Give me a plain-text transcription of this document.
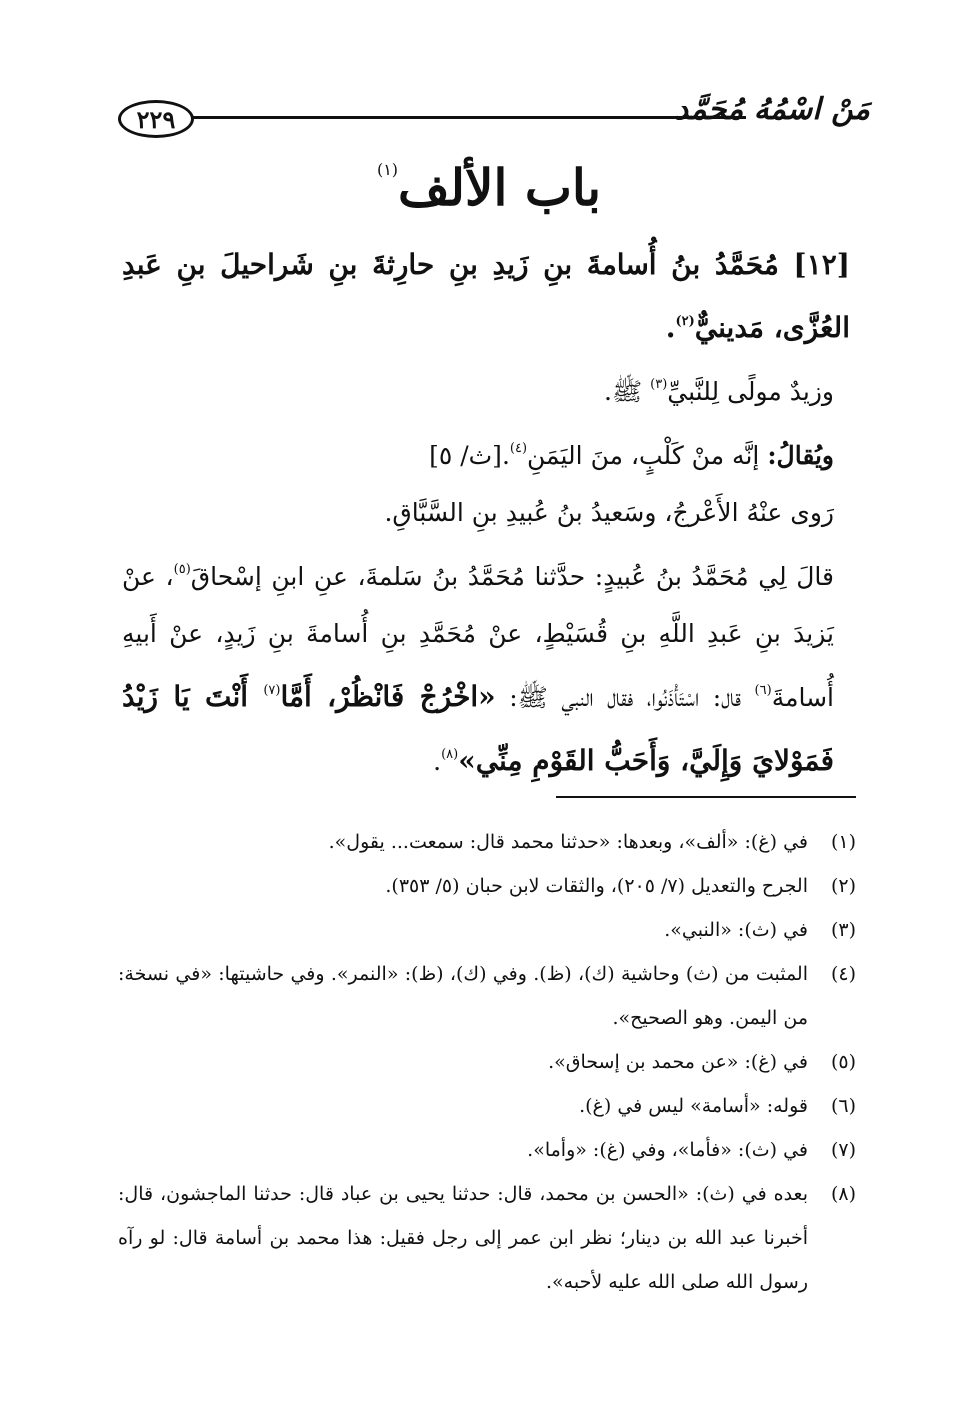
٢٢٩	مَنْ اسْمُهُ مُحَمَّد
باب الألف$^{(١)}$

[١٢] مُحَمَّدُ بنُ أُسامةَ بنِ زَيدِ بنِ حارِثةَ بنِ شَراحيلَ بنِ عَبدِ العُزَّى، مَدينيٌّ$^{(٢)}$.

وزيدٌ مولًى لِلنَّبيِّ$^{(٣)}$ ﷺ.

ويُقالُ: إنَّه منْ كَلْبٍ، منَ اليَمَنِ$^{(٤)}$.[ث/ ٥]

رَوى عنْهُ الأَعْرجُ، وسَعيدُ بنُ عُبيدِ بنِ السَّبَّاقِ.

قالَ لِي مُحَمَّدُ بنُ عُبيدٍ: حدَّثنا مُحَمَّدُ بنُ سَلمةَ، عنِ ابنِ إسْحاقَ$^{(٥)}$، عنْ يَزيدَ بنِ عَبدِ اللَّهِ بنِ قُسَيْطٍ، عنْ مُحَمَّدِ بنِ أُسامةَ بنِ زَيدٍ، عنْ أَبيهِ أُسامةَ$^{(٦)}$ قال: اسْتَأْذَنُوا، فقال النبي ﷺ: «اخْرُجْ فَانْظُرْ، أَمَّا$^{(٧)}$ أَنْتَ يَا زَيْدُ فَمَوْلايَ وَإِلَيَّ، وَأَحَبُّ القَوْمِ مِنِّي»$^{(٨)}$.

(١)
في (غ): «ألف»، وبعدها: «حدثنا محمد قال: سمعت... يقول».
(٢)
الجرح والتعديل (٧/ ٢٠٥)، والثقات لابن حبان (٥/ ٣٥٣).
(٣)
في (ث): «النبي».
(٤)
المثبت من (ث) وحاشية (ك)، (ظ). وفي (ك)، (ظ): «النمر». وفي حاشيتها: «في نسخة: من اليمن. وهو الصحيح».
(٥)
في (غ): «عن محمد بن إسحاق».
(٦)
قوله: «أسامة» ليس في (غ).
(٧)
في (ث): «فأما»، وفي (غ): «وأما».
(٨)
بعده في (ث): «الحسن بن محمد، قال: حدثنا يحيى بن عباد قال: حدثنا الماجشون، قال: أخبرنا عبد الله بن دينار؛ نظر ابن عمر إلى رجل فقيل: هذا محمد بن أسامة قال: لو رآه رسول الله صلى الله عليه لأحبه».
